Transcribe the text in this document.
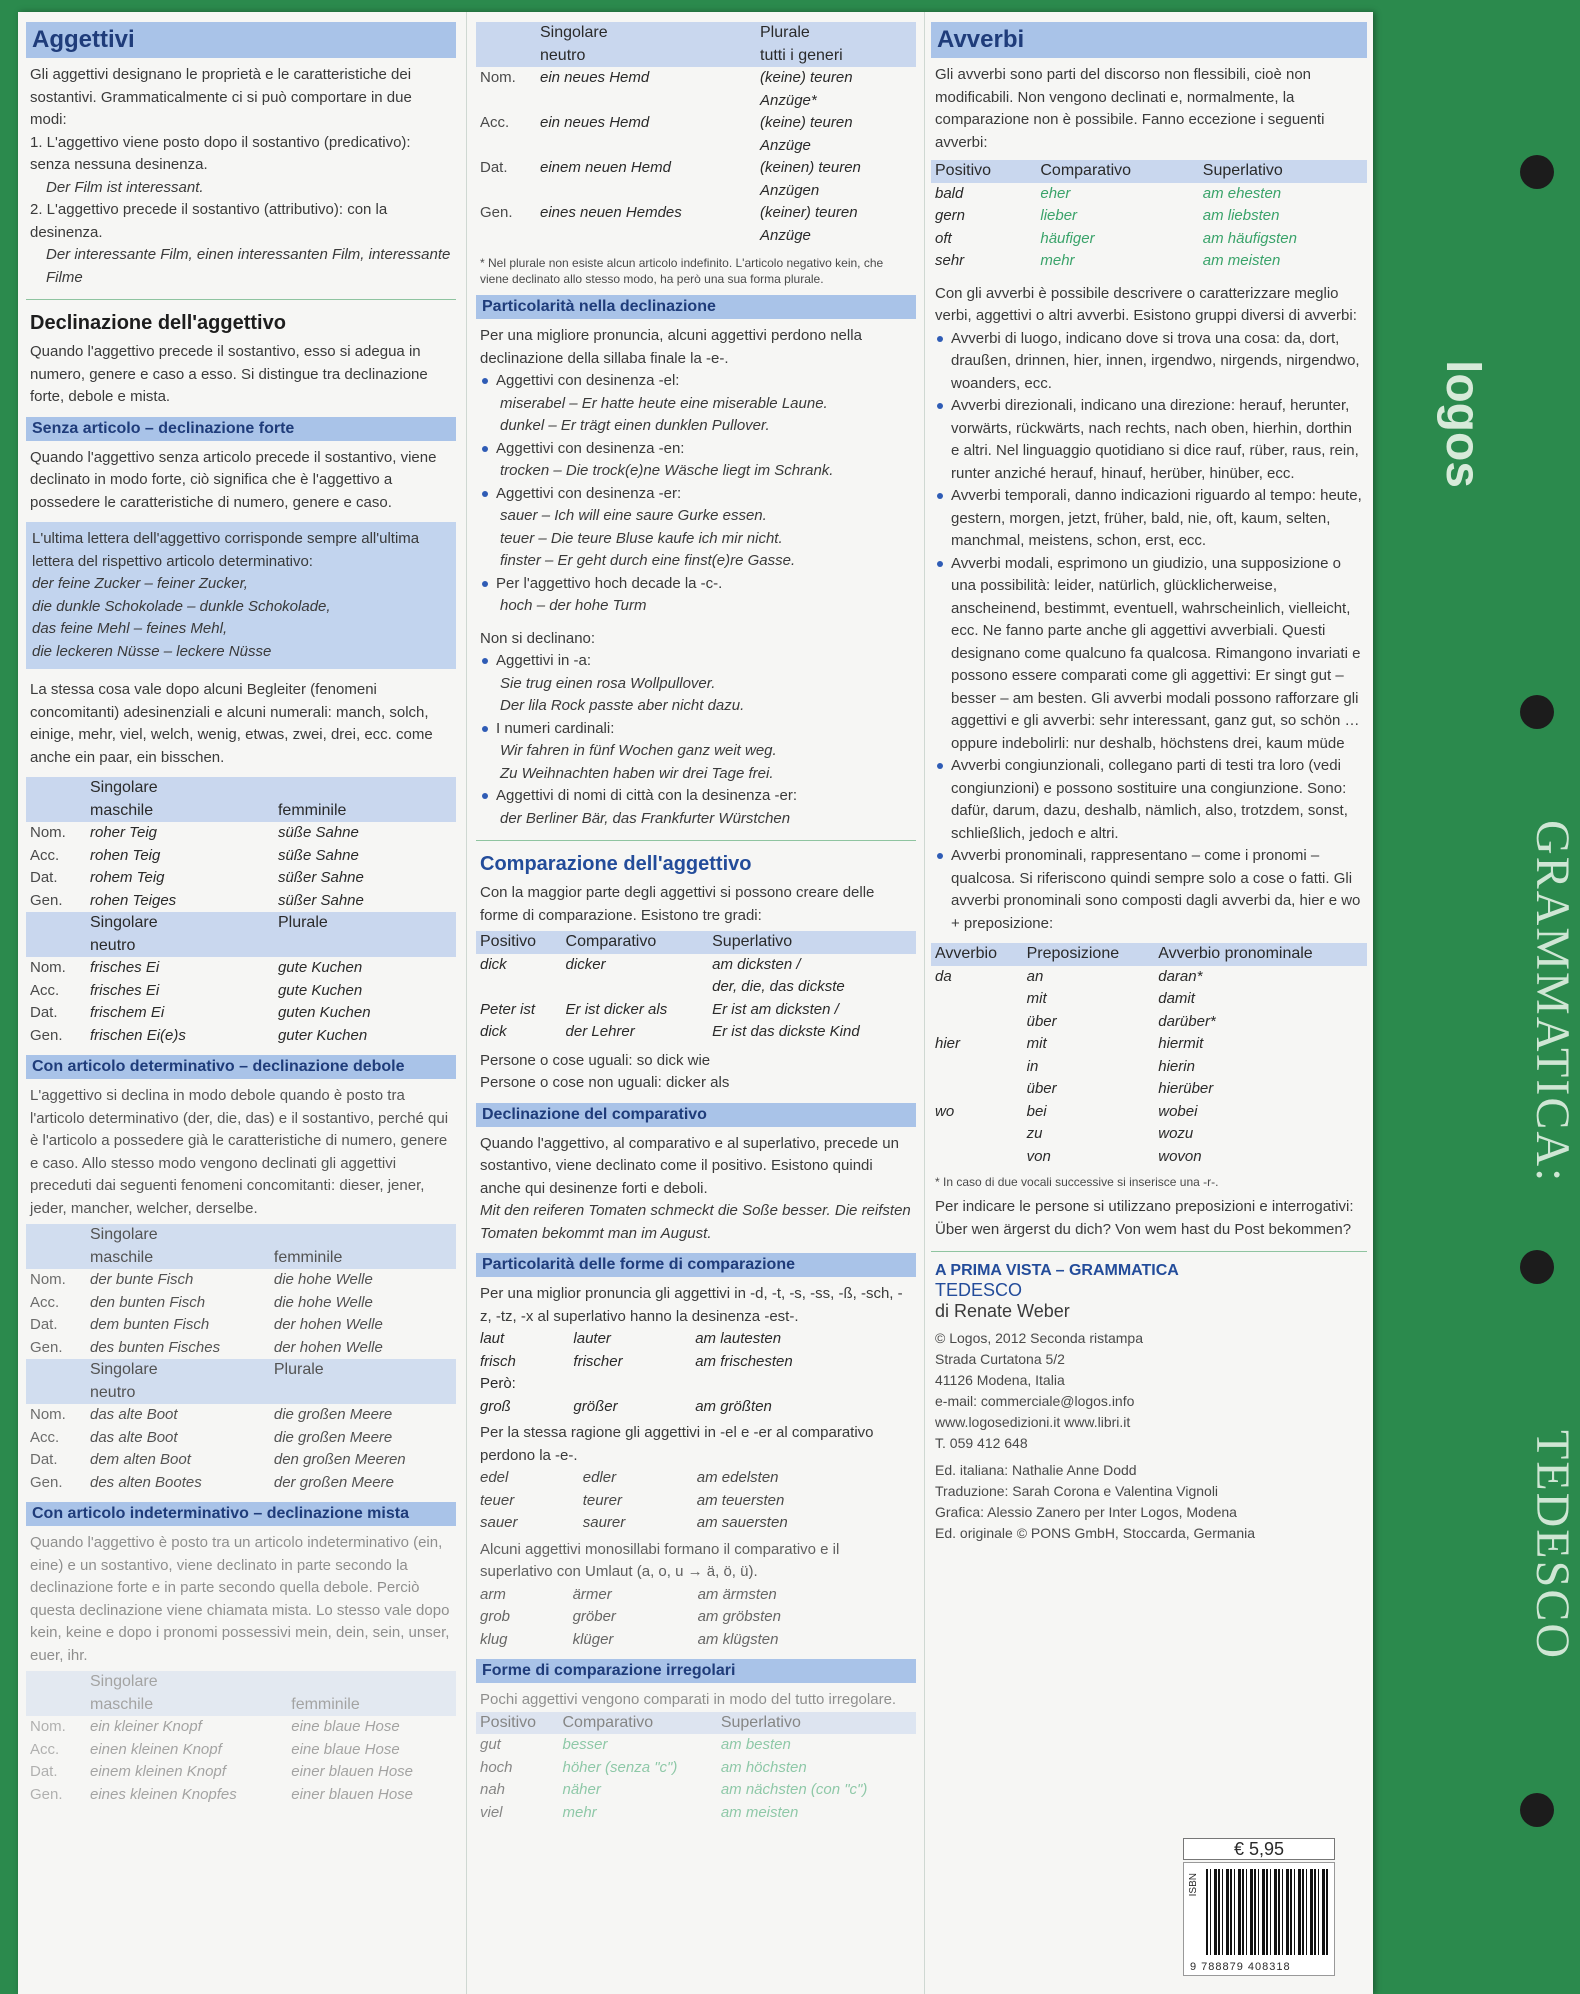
Aggettivi

Gli aggettivi designano le proprietà e le caratteristiche dei sostantivi. Grammaticalmente ci si può comportare in due modi:

1. L'aggettivo viene posto dopo il sostantivo (predicativo): senza nessuna desinenza.

Der Film ist interessant.

2. L'aggettivo precede il sostantivo (attributivo): con la desinenza.

Der interessante Film, einen interessanten Film, interessante Filme

Declinazione dell'aggettivo

Quando l'aggettivo precede il sostantivo, esso si adegua in numero, genere e caso a esso. Si distingue tra declinazione forte, debole e mista.

Senza articolo – declinazione forte

Quando l'aggettivo senza articolo precede il sostantivo, viene declinato in modo forte, ciò significa che è l'aggettivo a possedere le caratteristiche di numero, genere e caso.

L'ultima lettera dell'aggettivo corrisponde sempre all'ultima lettera del rispettivo articolo determinativo:

der feine Zucker – feiner Zucker,

die dunkle Schokolade – dunkle Schokolade,

das feine Mehl – feines Mehl,

die leckeren Nüsse – leckere Nüsse

La stessa cosa vale dopo alcuni Begleiter (fenomeni concomitanti) adesinenziali e alcuni numerali: manch, solch, einige, mehr, viel, welch, wenig, etwas, zwei, drei, ecc. come anche ein paar, ein bisschen.

	Singolare	
	maschile	femminile
Nom.	roher Teig	süße Sahne
Acc.	rohen Teig	süße Sahne
Dat.	rohem Teig	süßer Sahne
Gen.	rohen Teiges	süßer Sahne
	Singolare	Plurale
	neutro	
Nom.	frisches Ei	gute Kuchen
Acc.	frisches Ei	gute Kuchen
Dat.	frischem Ei	guten Kuchen
Gen.	frischen Ei(e)s	guter Kuchen
Con articolo determinativo – declinazione debole

L'aggettivo si declina in modo debole quando è posto tra l'articolo determinativo (der, die, das) e il sostantivo, perché qui è l'articolo a possedere già le caratteristiche di numero, genere e caso. Allo stesso modo vengono declinati gli aggettivi preceduti dai seguenti fenomeni concomitanti: dieser, jener, jeder, mancher, welcher, derselbe.

	Singolare	
	maschile	femminile
Nom.	der bunte Fisch	die hohe Welle
Acc.	den bunten Fisch	die hohe Welle
Dat.	dem bunten Fisch	der hohen Welle
Gen.	des bunten Fisches	der hohen Welle
	Singolare	Plurale
	neutro	
Nom.	das alte Boot	die großen Meere
Acc.	das alte Boot	die großen Meere
Dat.	dem alten Boot	den großen Meeren
Gen.	des alten Bootes	der großen Meere
Con articolo indeterminativo – declinazione mista

Quando l'aggettivo è posto tra un articolo indeterminativo (ein, eine) e un sostantivo, viene declinato in parte secondo la declinazione forte e in parte secondo quella debole. Perciò questa declinazione viene chiamata mista. Lo stesso vale dopo kein, keine e dopo i pronomi possessivi mein, dein, sein, unser, euer, ihr.

	Singolare	
	maschile	femminile
Nom.	ein kleiner Knopf	eine blaue Hose
Acc.	einen kleinen Knopf	eine blaue Hose
Dat.	einem kleinen Knopf	einer blauen Hose
Gen.	eines kleinen Knopfes	einer blauen Hose
	Singolare	Plurale
	neutro	tutti i generi
Nom.	ein neues Hemd	(keine) teuren
		Anzüge*
Acc.	ein neues Hemd	(keine) teuren
		Anzüge
Dat.	einem neuen Hemd	(keinen) teuren
		Anzügen
Gen.	eines neuen Hemdes	(keiner) teuren
		Anzüge
* Nel plurale non esiste alcun articolo indefinito. L'articolo negativo kein, che viene declinato allo stesso modo, ha però una sua forma plurale.
Particolarità nella declinazione

Per una migliore pronuncia, alcuni aggettivi perdono nella declinazione della sillaba finale la -e-.

Aggettivi con desinenza -el:
miserabel – Er hatte heute eine miserable Laune.
dunkel – Er trägt einen dunklen Pullover.
Aggettivi con desinenza -en:
trocken – Die trock(e)ne Wäsche liegt im Schrank.
Aggettivi con desinenza -er:
sauer – Ich will eine saure Gurke essen.
teuer – Die teure Bluse kaufe ich mir nicht.
finster – Er geht durch eine finst(e)re Gasse.
Per l'aggettivo hoch decade la -c-.
hoch – der hohe Turm

Non si declinano:

Aggettivi in -a:
Sie trug einen rosa Wollpullover.
Der lila Rock passte aber nicht dazu.
I numeri cardinali:
Wir fahren in fünf Wochen ganz weit weg.
Zu Weihnachten haben wir drei Tage frei.
Aggettivi di nomi di città con la desinenza -er:
der Berliner Bär, das Frankfurter Würstchen
Comparazione dell'aggettivo

Con la maggior parte degli aggettivi si possono creare delle forme di comparazione. Esistono tre gradi:

Positivo	Comparativo	Superlativo
dick	dicker	am dicksten /
		der, die, das dickste
Peter ist	Er ist dicker als	Er ist am dicksten /
dick	der Lehrer	Er ist das dickste Kind

Persone o cose uguali: so dick wie

Persone o cose non uguali: dicker als

Declinazione del comparativo

Quando l'aggettivo, al comparativo e al superlativo, precede un sostantivo, viene declinato come il positivo. Esistono quindi anche qui desinenze forti e deboli.

Mit den reiferen Tomaten schmeckt die Soße besser. Die reifsten Tomaten bekommt man im August.

Particolarità delle forme di comparazione

Per una miglior pronuncia gli aggettivi in -d, -t, -s, -ss, -ß, -sch, -z, -tz, -x al superlativo hanno la desinenza -est-.

laut	lauter	am lautesten
frisch	frischer	am frischesten
Però:		
groß	größer	am größten

Per la stessa ragione gli aggettivi in -el e -er al comparativo perdono la -e-.

edel	edler	am edelsten
teuer	teurer	am teuersten
sauer	saurer	am sauersten

Alcuni aggettivi monosillabi formano il comparativo e il superlativo con Umlaut (a, o, u → ä, ö, ü).

arm	ärmer	am ärmsten
grob	gröber	am gröbsten
klug	klüger	am klügsten
Forme di comparazione irregolari

Pochi aggettivi vengono comparati in modo del tutto irregolare.

Positivo	Comparativo	Superlativo
gut	besser	am besten
hoch	höher (senza "c")	am höchsten
nah	näher	am nächsten (con "c")
viel	mehr	am meisten
Avverbi

Gli avverbi sono parti del discorso non flessibili, cioè non modificabili. Non vengono declinati e, normalmente, la comparazione non è possibile. Fanno eccezione i seguenti avverbi:

Positivo	Comparativo	Superlativo
bald	eher	am ehesten
gern	lieber	am liebsten
oft	häufiger	am häufigsten
sehr	mehr	am meisten

Con gli avverbi è possibile descrivere o caratterizzare meglio verbi, aggettivi o altri avverbi. Esistono gruppi diversi di avverbi:

Avverbi di luogo, indicano dove si trova una cosa: da, dort, draußen, drinnen, hier, innen, irgendwo, nirgends, nirgendwo, woanders, ecc.
Avverbi direzionali, indicano una direzione: herauf, herunter, vorwärts, rückwärts, nach rechts, nach oben, hierhin, dorthin e altri. Nel linguaggio quotidiano si dice rauf, rüber, raus, rein, runter anziché herauf, hinauf, herüber, hinüber, ecc.
Avverbi temporali, danno indicazioni riguardo al tempo: heute, gestern, morgen, jetzt, früher, bald, nie, oft, kaum, selten, manchmal, meistens, schon, erst, ecc.
Avverbi modali, esprimono un giudizio, una supposizione o una possibilità: leider, natürlich, glücklicherweise, anscheinend, bestimmt, eventuell, wahrscheinlich, vielleicht, ecc. Ne fanno parte anche gli aggettivi avverbiali. Questi designano come qualcuno fa qualcosa. Rimangono invariati e possono essere comparati come gli aggettivi: Er singt gut – besser – am besten. Gli avverbi modali possono rafforzare gli aggettivi e gli avverbi: sehr interessant, ganz gut, so schön … oppure indebolirli: nur deshalb, höchstens drei, kaum müde
Avverbi congiunzionali, collegano parti di testi tra loro (vedi congiunzioni) e possono sostituire una congiunzione. Sono: dafür, darum, dazu, deshalb, nämlich, also, trotzdem, sonst, schließlich, jedoch e altri.
Avverbi pronominali, rappresentano – come i pronomi – qualcosa. Si riferiscono quindi sempre solo a cose o fatti. Gli avverbi pronominali sono composti dagli avverbi da, hier e wo + preposizione:
Avverbio	Preposizione	Avverbio pronominale
da	an	daran*
	mit	damit
	über	darüber*
hier	mit	hiermit
	in	hierin
	über	hierüber
wo	bei	wobei
	zu	wozu
	von	wovon
* In caso di due vocali successive si inserisce una -r-.

Per indicare le persone si utilizzano preposizioni e interrogativi: Über wen ärgerst du dich? Von wem hast du Post bekommen?

A PRIMA VISTA – GRAMMATICA
TEDESCO
di Renate Weber
© Logos, 2012 Seconda ristampa
Strada Curtatona 5/2
41126 Modena, Italia
e-mail: commerciale@logos.info
www.logosedizioni.it www.libri.it
T. 059 412 648
Ed. italiana: Nathalie Anne Dodd
Traduzione: Sarah Corona e Valentina Vignoli
Grafica: Alessio Zanero per Inter Logos, Modena
Ed. originale © PONS GmbH, Stoccarda, Germania
€ 5,95
ISBN
9 788879 408318
logos
GRAMMATICA:
TEDESCO
